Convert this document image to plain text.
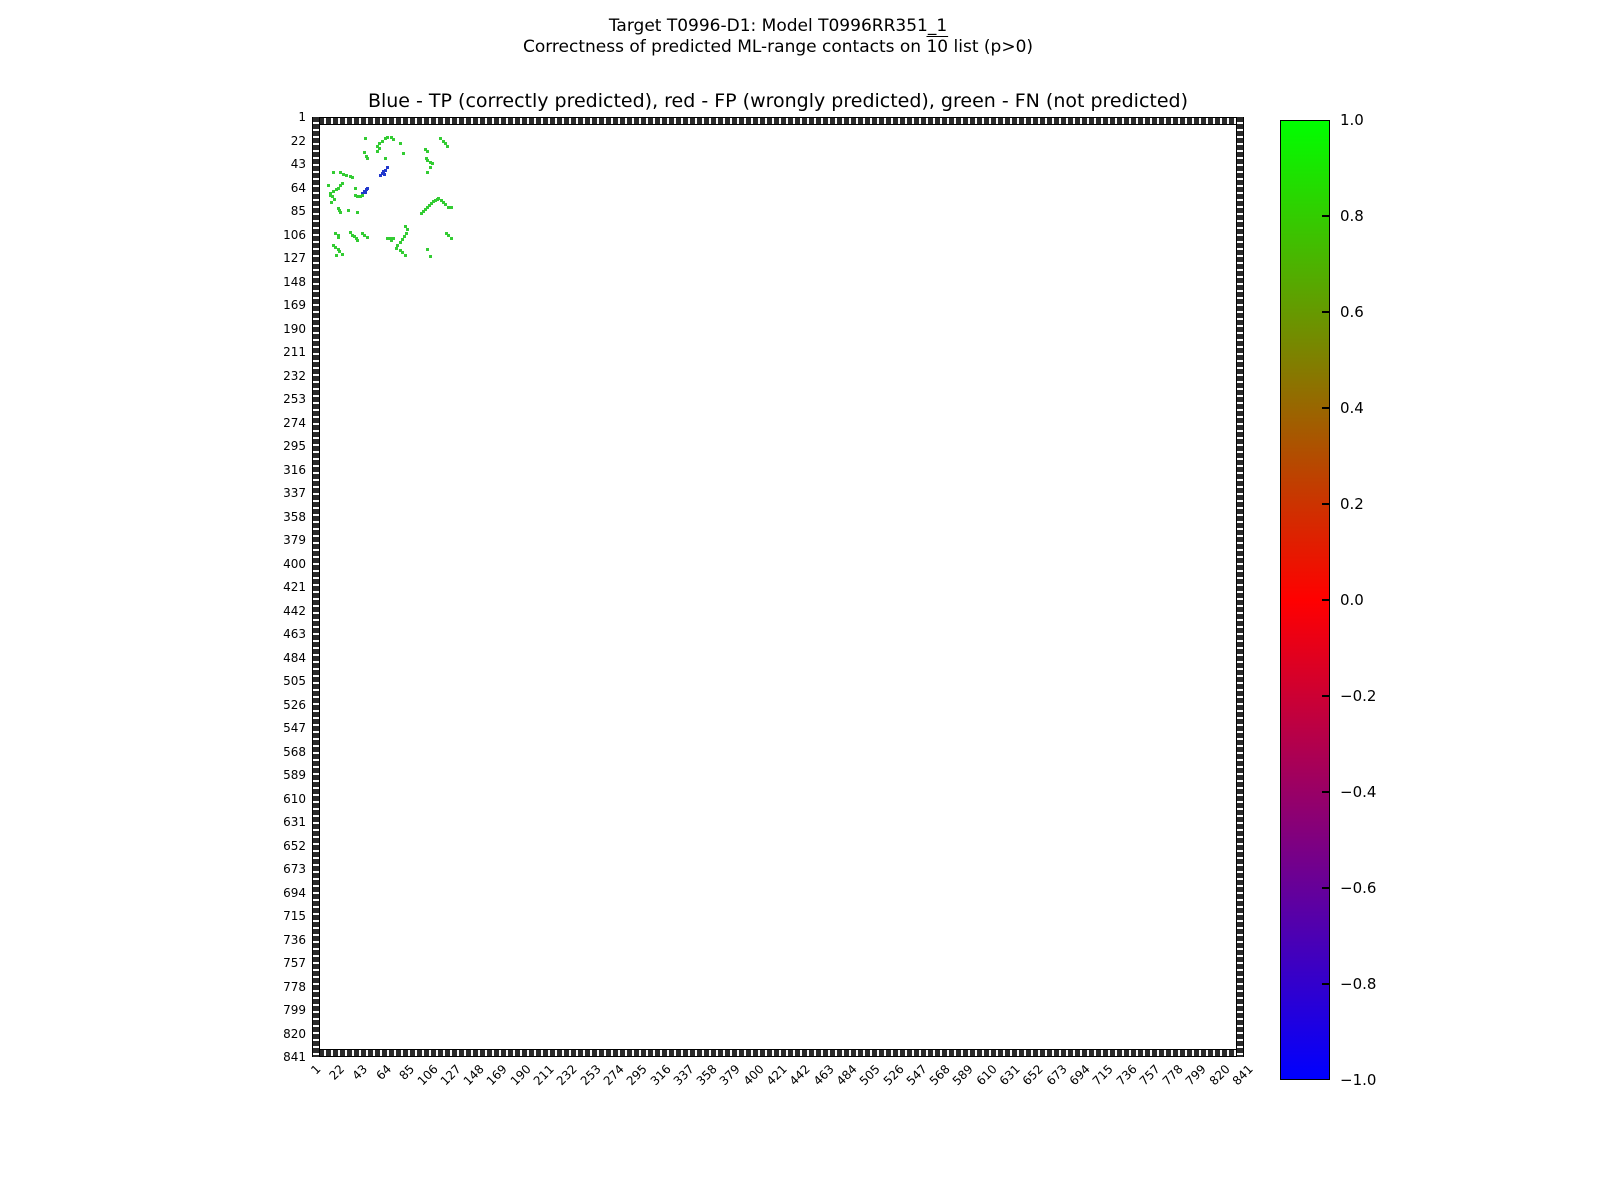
Target T0996-D1: Model T0996RR351_1
Correctness of predicted ML-range contacts on 10 list (p>0)
Blue - TP (correctly predicted), red - FP (wrongly predicted), green - FN (not predicted)
1
22
43
64
85
106
127
148
169
190
211
232
253
274
295
316
337
358
379
400
421
442
463
484
505
526
547
568
589
610
631
652
673
694
715
736
757
778
799
820
841
1 22 43 64 85
106
127
148
169
190
211
232
253
274
295
316
337
358
379
400
421
442
463
484
505
526
547
568
589
610
631
652
673
694
715
736
757
778
799
820
841
1.0
0.8
0.6
0.4
0.2
0.0
−0.2
−0.4
−0.6
−0.8
−1.0
